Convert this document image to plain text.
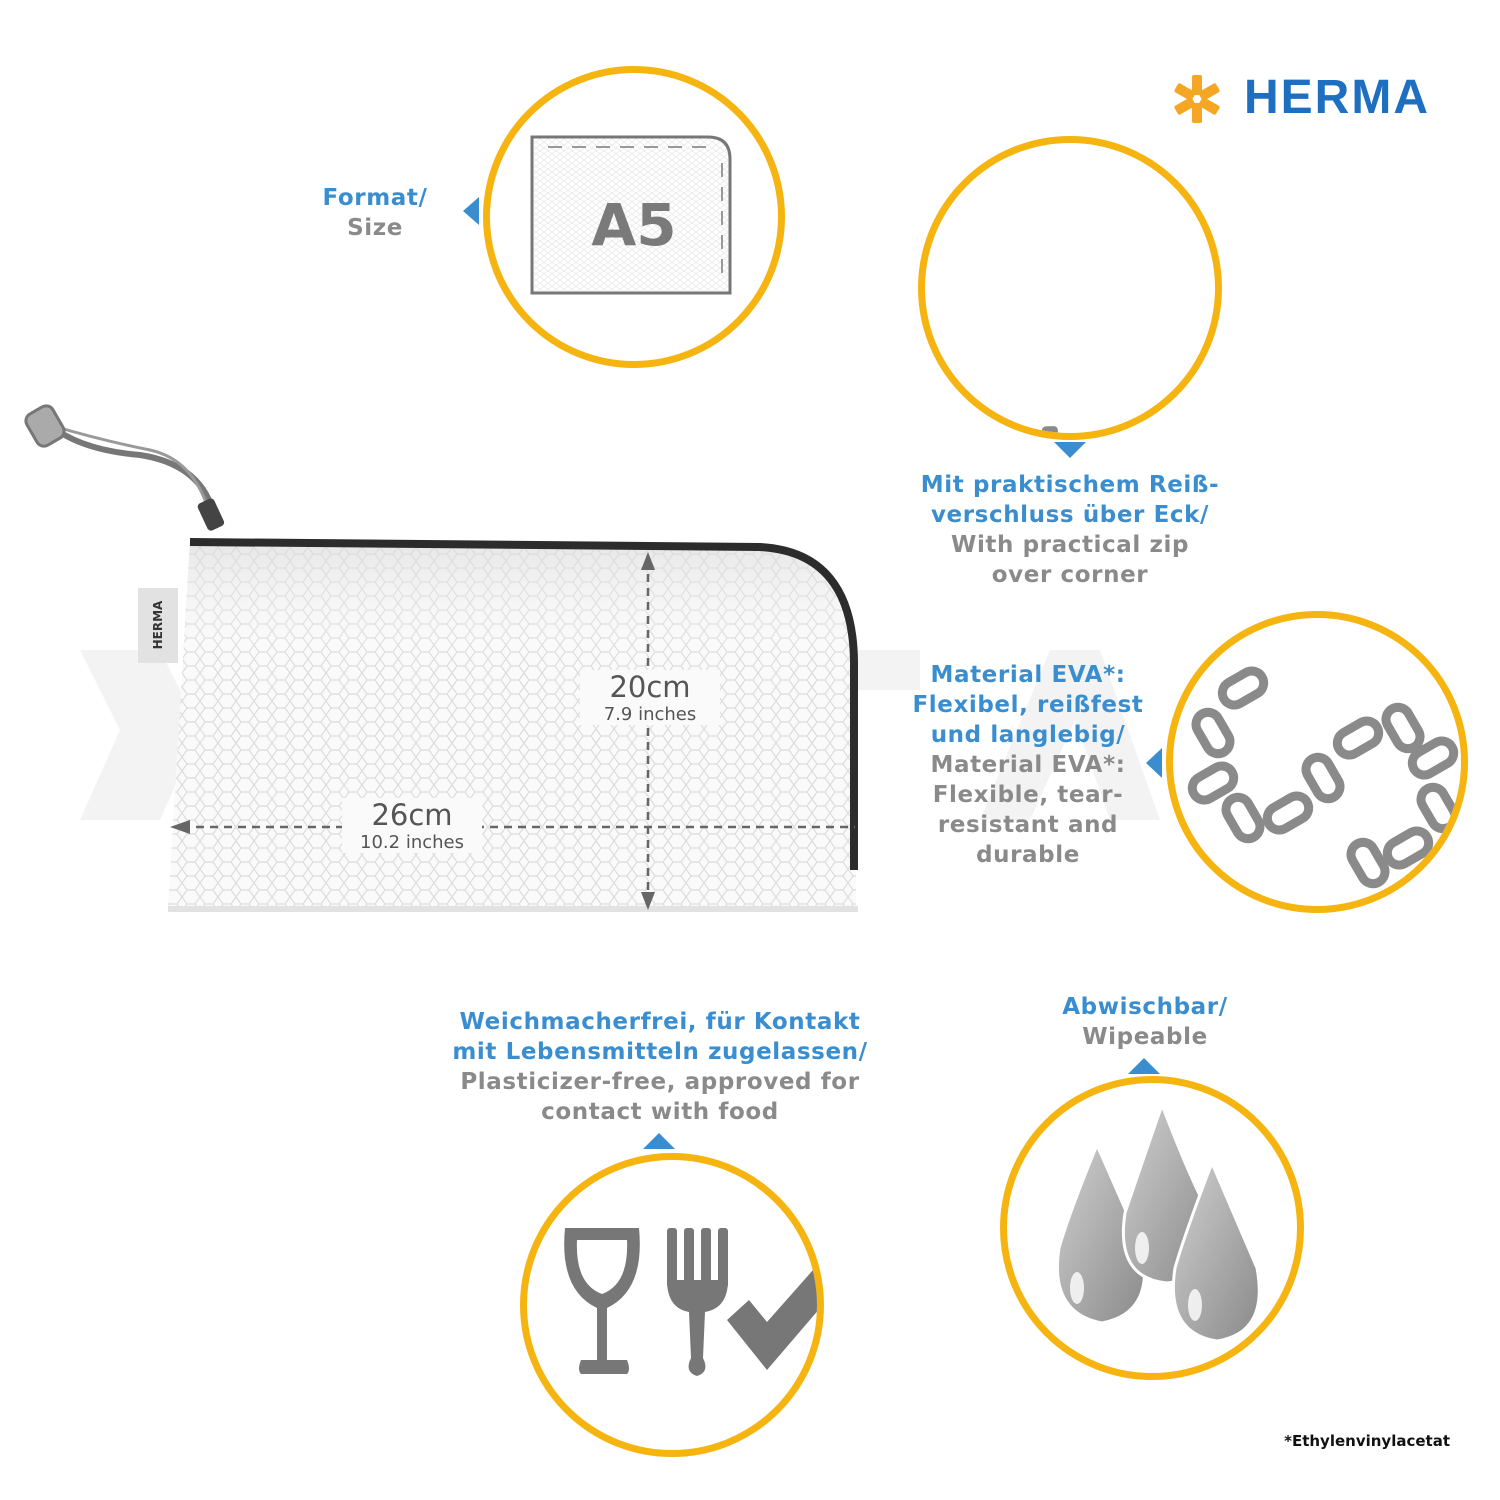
HERMA
A5
Format/
Size
Mit praktischem Reiß-
verschluss über Eck/
With practical zip
over corner
Material EVA*:
Flexibel, reißfest
und langlebig/
Material EVA*:
Flexible, tear-
resistant and
durable
HERMA
20cm
7.9 inches
26cm
10.2 inches
Weichmacherfrei, für Kontakt
mit Lebensmitteln zugelassen/
Plasticizer-free, approved for
contact with food
Abwischbar/
Wipeable
*Ethylenvinylacetat
